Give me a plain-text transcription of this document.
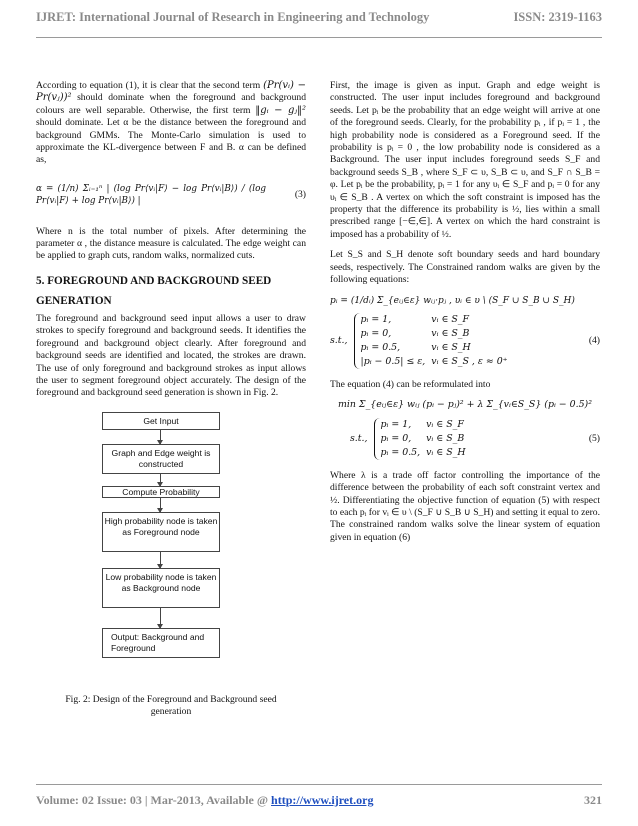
IJRET: International Journal of Research in Engineering and Technology	ISSN: 2319-1163

According to equation (1), it is clear that the second term (Pr(vᵢ) − Pr(vⱼ))² should dominate when the foreground and background colours are well separable. Otherwise, the first term ‖gᵢ − gⱼ‖² should dominate. Let α be the distance between the foreground and background GMMs. The Monte-Carlo simulation is used to approximate the KL-divergence between F and B. α can be defined as,

α = (1/n) Σᵢ₌₁ⁿ | (log Pr⟨vᵢ|F⟩ − log Pr⟨vᵢ|B⟩) / (log Pr⟨vᵢ|F⟩ + log Pr⟨vᵢ|B⟩) |
(3)

Where n is the total number of pixels. After determining the parameter α , the distance measure is calculated. The edge weight can be applied to graph cuts, random walks, normalized cuts.

5. FOREGROUND AND BACKGROUND SEED GENERATION

The foreground and background seed input allows a user to draw strokes to specify foreground and background seeds. It identifies the foreground and background object clearly. After foreground and background seeds are identified and located, the strokes are drawn. The use of only foreground and background strokes as input allows the user to segment foreground object accurately. The design of the foreground and background seed generation is shown in Fig. 2.

Get Input
Graph and Edge weight is constructed
Compute Probability
High probability node is taken as Foreground node
Low probability node is taken as Background node
Output: Background and Foreground
Fig. 2: Design of the Foreground and Background seed generation

First, the image is given as input. Graph and edge weight is constructed. The user input includes foreground and background seeds. Let pᵢ be the probability that an edge weight will arrive at one of the foreground seeds. Clearly, for the probability pᵢ , if pᵢ = 1 , the high probability node is considered as a Foreground seed. If the probability is pᵢ = 0 , the low probability node is considered as a Background. The user input includes foreground seeds S_F and background seeds S_B , where S_F ⊂ υ, S_B ⊂ υ, and S_F ∩ S_B = φ. Let pᵢ be the probability, pᵢ = 1 for any υᵢ ∈ S_F and pᵢ = 0 for any υᵢ ∈ S_B . A vertex on which the soft constraint is imposed has the property that the difference its probability is ½, lies within a small prescribed range [−∈,∈]. A vertex on which the hard constraint is imposed has a probability of ½.

Let S_S and S_H denote soft boundary seeds and hard boundary seeds, respectively. The Constrained random walks are given by the following equations:

pᵢ = (1/dᵢ) Σ_{eᵢⱼ∈ε} wᵢⱼ·pⱼ , υᵢ ∈ υ \ (S_F ∪ S_B ∪ S_H)
s.t.,
pᵢ = 1,	vᵢ ∈ S_F
pᵢ = 0,	vᵢ ∈ S_B
pᵢ = 0.5,	vᵢ ∈ S_H
|pᵢ − 0.5| ≤ ε,	vᵢ ∈ S_S , ε ≈ 0⁺
(4)

The equation (4) can be reformulated into

min Σ_{eᵢⱼ∈ε} wᵢⱼ (pᵢ − pⱼ)² + λ Σ_{vᵢ∈S_S} (pᵢ − 0.5)²
s.t.,
pᵢ = 1,	vᵢ ∈ S_F
pᵢ = 0,	vᵢ ∈ S_B
pᵢ = 0.5,	vᵢ ∈ S_H
(5)

Where λ is a trade off factor controlling the importance of the difference between the probability of each soft constraint vertex and ½. Differentiating the objective function of equation (5) with respect to each pᵢ for vᵢ ∈ υ \ (S_F ∪ S_B ∪ S_H) and setting it equal to zero. The constrained random walks solve the linear system of equation given in equation (6)

Volume: 02 Issue: 03 | Mar-2013, Available @ http://www.ijret.org	321
